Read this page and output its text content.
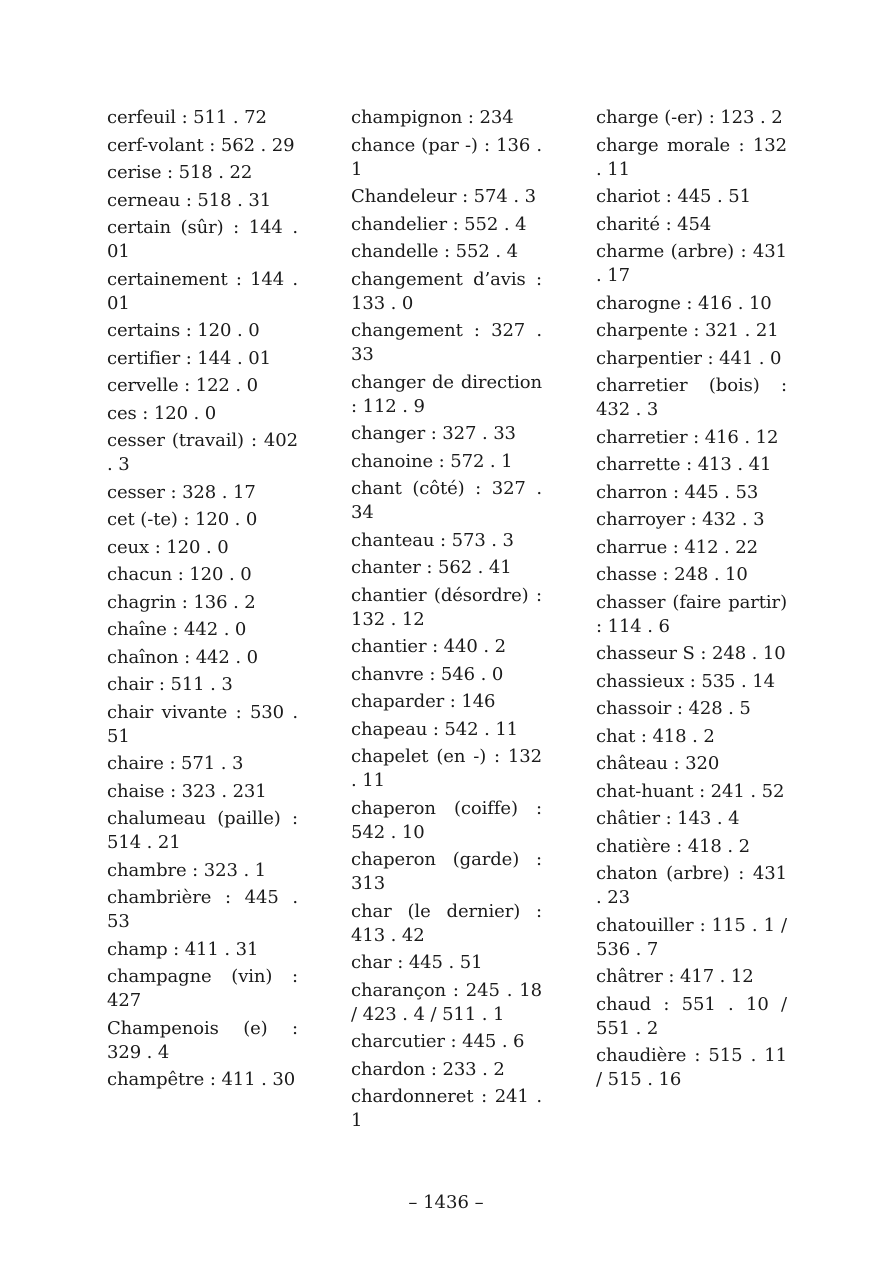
cerfeuil : 511 . 72
cerf-volant : 562 . 29
cerise : 518 . 22
cerneau : 518 . 31
certain (sûr) : 144 . 01
certainement : 144 . 01
certains : 120 . 0
certifier : 144 . 01
cervelle : 122 . 0
ces : 120 . 0
cesser (travail) : 402 . 3
cesser : 328 . 17
cet (-te) : 120 . 0
ceux : 120 . 0
chacun : 120 . 0
chagrin : 136 . 2
chaîne : 442 . 0
chaînon : 442 . 0
chair : 511 . 3
chair vivante : 530 . 51
chaire : 571 . 3
chaise : 323 . 231
chalumeau (paille) : 514 . 21
chambre : 323 . 1
chambrière : 445 . 53
champ : 411 . 31
champagne (vin) : 427
Champenois (e) : 329 . 4
champêtre : 411 . 30
champignon : 234
chance (par -) : 136 . 1
Chandeleur : 574 . 3
chandelier : 552 . 4
chandelle : 552 . 4
changement d’avis : 133 . 0
changement : 327 . 33
changer de direction : 112 . 9
changer : 327 . 33
chanoine : 572 . 1
chant (côté) : 327 . 34
chanteau : 573 . 3
chanter : 562 . 41
chantier (désordre) : 132 . 12
chantier : 440 . 2
chanvre : 546 . 0
chaparder : 146
chapeau : 542 . 11
chapelet (en -) : 132 . 11
chaperon (coiffe) : 542 . 10
chaperon (garde) : 313
char (le dernier) : 413 . 42
char : 445 . 51
charançon : 245 . 18 / 423 . 4 / 511 . 1
charcutier : 445 . 6
chardon : 233 . 2
chardonneret : 241 . 1
charge (-er) : 123 . 2
charge morale : 132 . 11
chariot : 445 . 51
charité : 454
charme (arbre) : 431 . 17
charogne : 416 . 10
charpente : 321 . 21
charpentier : 441 . 0
charretier (bois) : 432 . 3
charretier : 416 . 12
charrette : 413 . 41
charron : 445 . 53
charroyer : 432 . 3
charrue : 412 . 22
chasse : 248 . 10
chasser (faire partir) : 114 . 6
chasseur S : 248 . 10
chassieux : 535 . 14
chassoir : 428 . 5
chat : 418 . 2
château : 320
chat-huant : 241 . 52
châtier : 143 . 4
chatière : 418 . 2
chaton (arbre) : 431 . 23
chatouiller : 115 . 1 / 536 . 7
châtrer : 417 . 12
chaud : 551 . 10 / 551 . 2
chaudière : 515 . 11 / 515 . 16
– 1436 –
